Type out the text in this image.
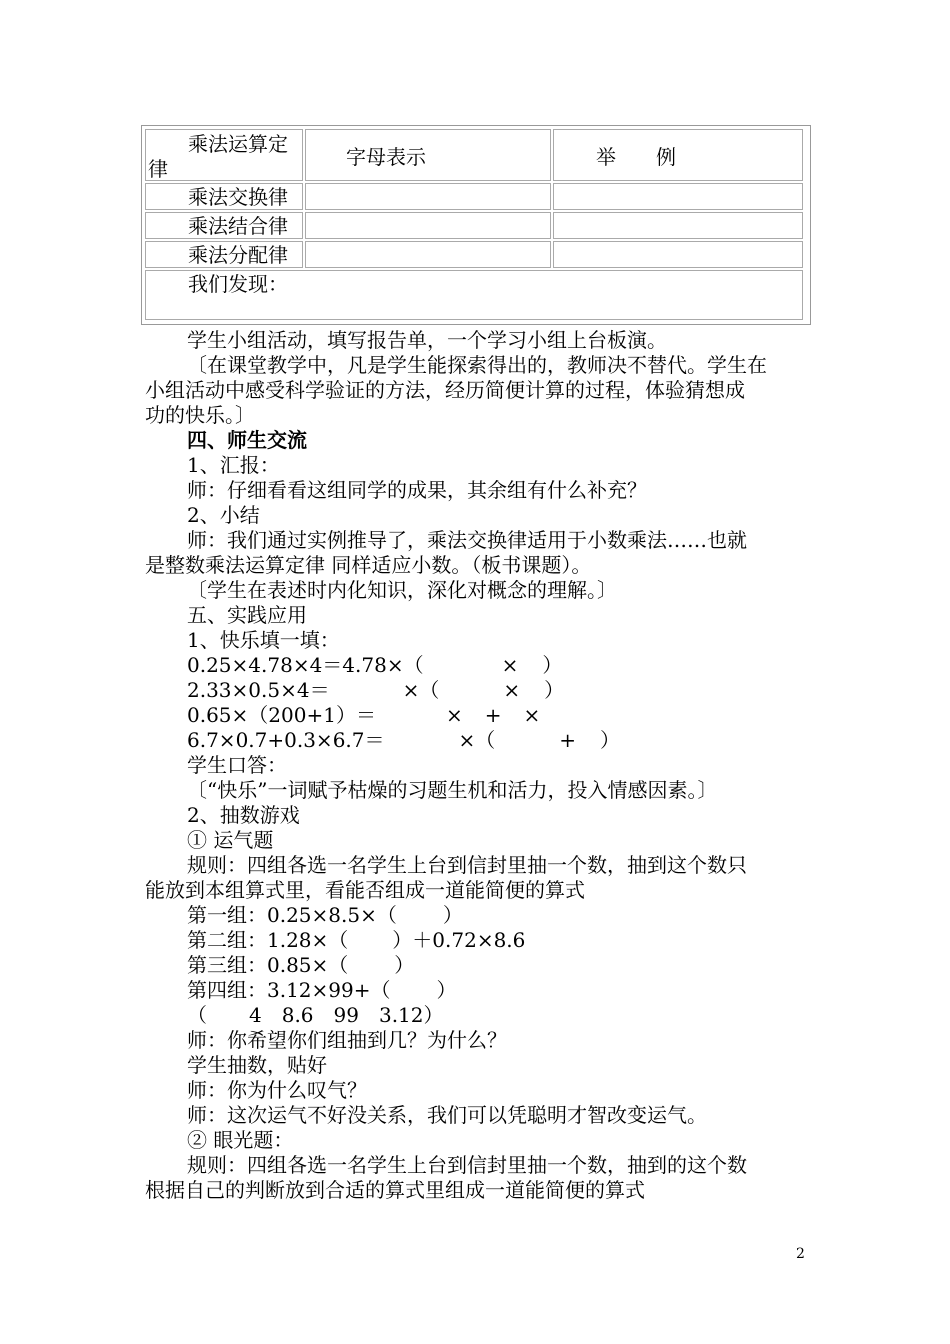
乘法运算定
律	字母表示	举　　例
乘法交换律
乘法结合律
乘法分配律
我们发现：
学生小组活动，填写报告单，一个学习小组上台板演。
〔在课堂教学中，凡是学生能探索得出的，教师决不替代。学生在
小组活动中感受科学验证的方法，经历简便计算的过程，体验猜想成
功的快乐。〕
四、师生交流
1、汇报：
师：仔细看看这组同学的成果，其余组有什么补充？
2、小结
师：我们通过实例推导了，乘法交换律适用于小数乘法……也就
是整数乘法运算定律 同样适应小数。（板书课题）。
〔学生在表述时内化知识，深化对概念的理解。〕
五、实践应用
1、快乐填一填：
0.25×4.78×4＝4.78×（	× ）
2.33×0.5×4＝	×（	× ）
0.65×（200+1）＝	× + ×
6.7×0.7+0.3×6.7＝	×（	+ ）
学生口答：
〔“快乐”一词赋予枯燥的习题生机和活力，投入情感因素。〕
2、抽数游戏
① 运气题
规则：四组各选一名学生上台到信封里抽一个数，抽到这个数只
能放到本组算式里，看能否组成一道能简便的算式
第一组：0.25×8.5×（ ）
第二组：1.28×（ ）＋0.72×8.6
第三组：0.85×（ ）
第四组：3.12×99+（ ）
（ 4　8.6　99　3.12）
师：你希望你们组抽到几？为什么？
学生抽数，贴好
师：你为什么叹气？
师：这次运气不好没关系，我们可以凭聪明才智改变运气。
② 眼光题：
规则：四组各选一名学生上台到信封里抽一个数，抽到的这个数
根据自己的判断放到合适的算式里组成一道能简便的算式
2
